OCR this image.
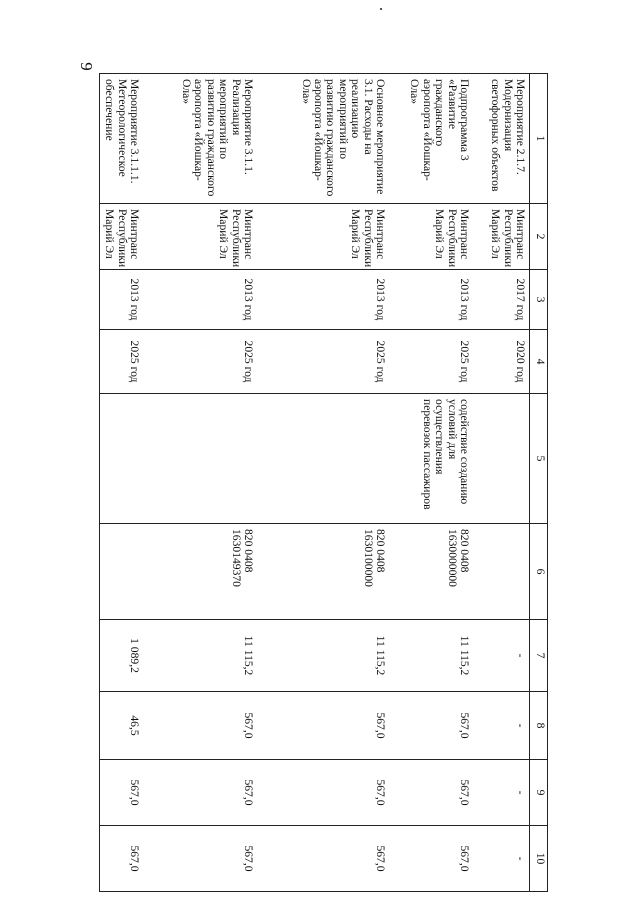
9
1	2	3	4	5	6	7	8	9	10
Мероприятие 2.1.7. Модернизация светофорных объектов	Минтранс Республики Марий Эл	2017 год	2020 год			-	-	-	-
Подпрограмма 3 «Развитие гражданского аэропорта «Йошкар-Ола»	Минтранс Республики Марий Эл	2013 год	2025 год	содействие созданию условий для осуществления перевозок пассажиров	820 0408 1630000000	11 115,2	567,0	567,0	567,0
Основное мероприятие 3.1. Расходы на реализацию мероприятий по развитию гражданского аэропорта «Йошкар-Ола»	Минтранс Республики Марий Эл	2013 год	2025 год		820 0408 1630100000	11 115,2	567,0	567,0	567,0
Мероприятие 3.1.1. Реализация мероприятий по развитию гражданского аэропорта «Йошкар-Ола»	Минтранс Республики Марий Эл	2013 год	2025 год		820 0408 1630149370	11 115,2	567,0	567,0	567,0
Мероприятие 3.1.1.1. Метеорологическое обеспечение	Минтранс Республики Марий Эл	2013 год	2025 год			1 089,2	46,5	567,0	567,0
